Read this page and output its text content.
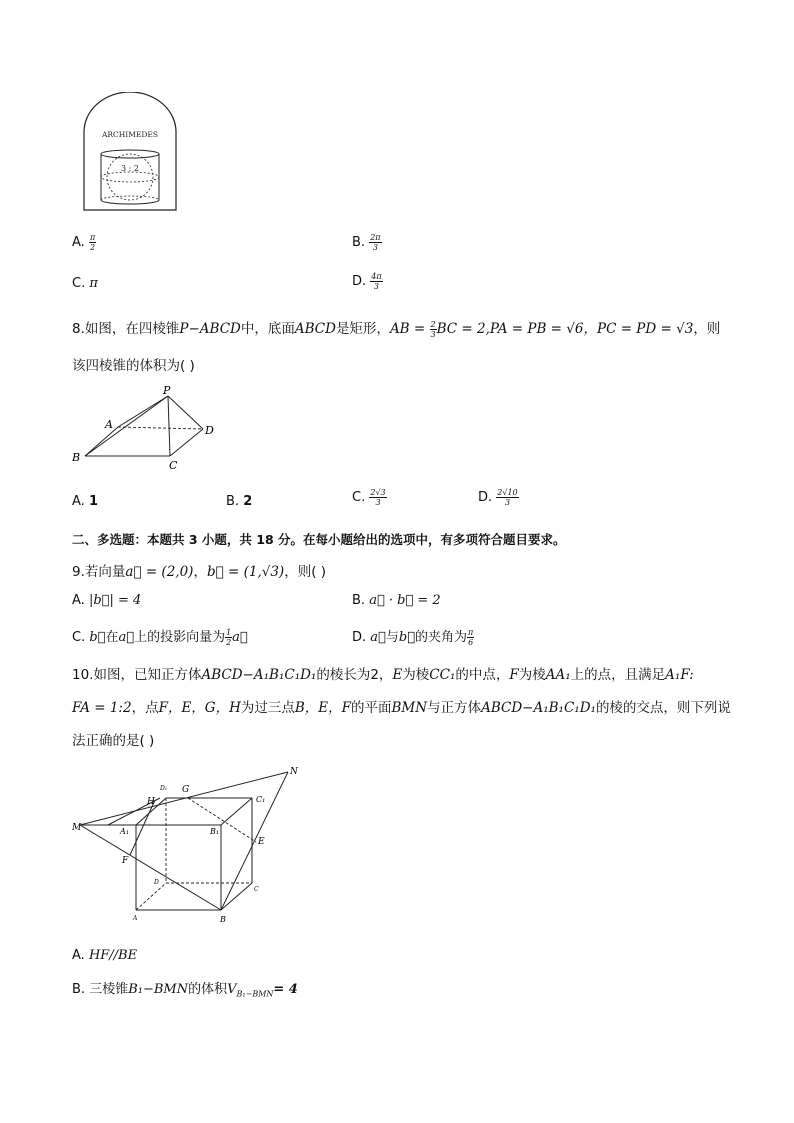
ARCHIMEDES
3 : 2
A. $\frac{\pi}{2}$	B. $\frac{2\pi}{3}$
C. π	D. $\frac{4\pi}{3}$
8.如图，在四棱锥P−ABCD中，底面ABCD是矩形，AB = $\frac{2}{3}$ BC = 2,PA = PB = √6，PC = PD = √3，则
该四棱锥的体积为( )
P
A
B
C
D
A. 1	B. 2	C. $\frac{2√3}{3}$	D. $\frac{2√10}{3}$
二、多选题：本题共 3 小题，共 18 分。在每小题给出的选项中，有多项符合题目要求。
9.若向量a⃗ = (2,0)，b⃗ = (1,√3)，则( )
A. |b⃗| = 4	B. a⃗ · b⃗ = 2
C. b⃗在a⃗上的投影向量为 $\frac{1}{2}$ a⃗	D. a⃗与b⃗的夹角为 $\frac{\pi}{6}$
10.如图，已知正方体ABCD−A₁B₁C₁D₁的棱长为2，E为棱CC₁的中点，F为棱AA₁上的点，且满足A₁F:
FA = 1:2，点F，E，G，H为过三点B，E，F的平面BMN与正方体ABCD−A₁B₁C₁D₁的棱的交点，则下列说
法正确的是( )
N
M
H
D₁ G
C₁
A₁	B₁
E
F
D
C
A	B
A. HF//BE
B. 三棱锥B₁−BMN的体积$V_{B_1-BMN}= 4$
